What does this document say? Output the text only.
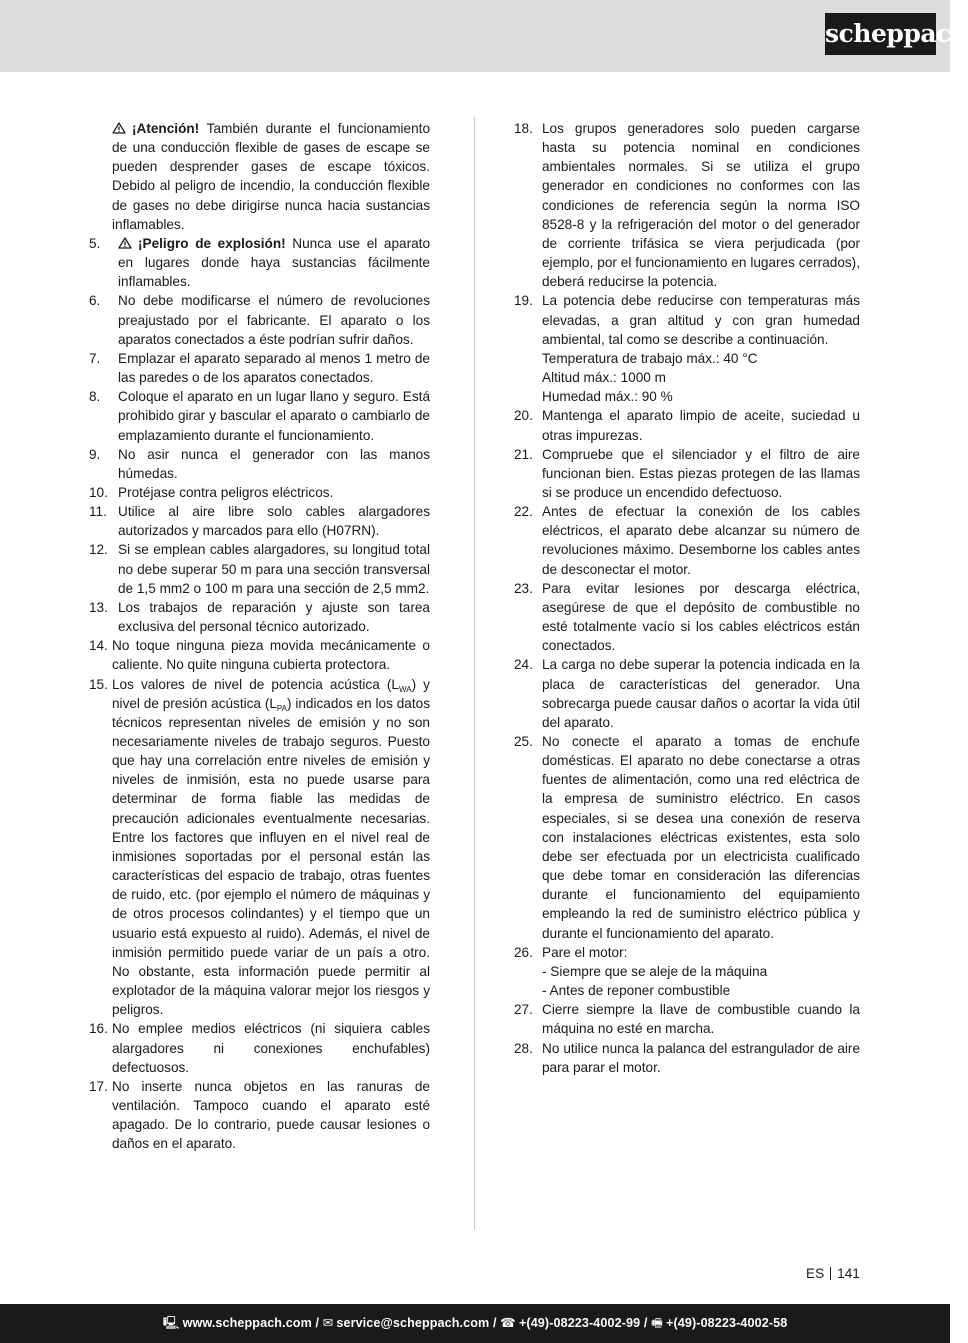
scheppach
¡Atención! También durante el funcionamiento de una conducción flexible de gases de escape se pueden desprender gases de escape tóxicos. Debido al peligro de incendio, la conducción flexible de gases no debe dirigirse nunca hacia sustancias inflamables.
5.	¡Peligro de explosión! Nunca use el aparato en lugares donde haya sustancias fácilmente inflamables.
6.	No debe modificarse el número de revoluciones preajustado por el fabricante. El aparato o los aparatos conectados a éste podrían sufrir daños.
7.	Emplazar el aparato separado al menos 1 metro de las paredes o de los aparatos conectados.
8.	Coloque el aparato en un lugar llano y seguro. Está prohibido girar y bascular el aparato o cambiarlo de emplazamiento durante el funcionamiento.
9.	No asir nunca el generador con las manos húmedas.
10. Protéjase contra peligros eléctricos.
11. Utilice al aire libre solo cables alargadores autorizados y marcados para ello (H07RN).
12. Si se emplean cables alargadores, su longitud total no debe superar 50 m para una sección transversal de 1,5 mm2 o 100 m para una sección de 2,5 mm2.
13. Los trabajos de reparación y ajuste son tarea exclusiva del personal técnico autorizado.
14. No toque ninguna pieza movida mecánicamente o caliente. No quite ninguna cubierta protectora.
15. Los valores de nivel de potencia acústica $(L_{WA})$ y nivel de presión acústica $(L_{PA})$ indicados en los datos técnicos representan niveles de emisión y no son necesariamente niveles de trabajo seguros. Puesto que hay una correlación entre niveles de emisión y niveles de inmisión, esta no puede usarse para determinar de forma fiable las medidas de precaución adicionales eventualmente necesarias. Entre los factores que influyen en el nivel real de inmisiones soportadas por el personal están las características del espacio de trabajo, otras fuentes de ruido, etc. (por ejemplo el número de máquinas y de otros procesos colindantes) y el tiempo que un usuario está expuesto al ruido). Además, el nivel de inmisión permitido puede variar de un país a otro. No obstante, esta información puede permitir al explotador de la máquina valorar mejor los riesgos y peligros.
16. No emplee medios eléctricos (ni siquiera cables alargadores ni conexiones enchufables) defectuosos.
17. No inserte nunca objetos en las ranuras de ventilación. Tampoco cuando el aparato esté apagado. De lo contrario, puede causar lesiones o daños en el aparato.
18. Los grupos generadores solo pueden cargarse hasta su potencia nominal en condiciones ambientales normales. Si se utiliza el grupo generador en condiciones no conformes con las condiciones de referencia según la norma ISO 8528-8 y la refrigeración del motor o del generador de corriente trifásica se viera perjudicada (por ejemplo, por el funcionamiento en lugares cerrados), deberá reducirse la potencia.
19. La potencia debe reducirse con temperaturas más elevadas, a gran altitud y con gran humedad ambiental, tal como se describe a continuación.
Temperatura de trabajo máx.: 40 °C
Altitud máx.: 1000 m
Humedad máx.: 90 %
20. Mantenga el aparato limpio de aceite, suciedad u otras impurezas.
21. Compruebe que el silenciador y el filtro de aire funcionan bien. Estas piezas protegen de las llamas si se produce un encendido defectuoso.
22. Antes de efectuar la conexión de los cables eléctricos, el aparato debe alcanzar su número de revoluciones máximo. Desemborne los cables antes de desconectar el motor.
23. Para evitar lesiones por descarga eléctrica, asegúrese de que el depósito de combustible no esté totalmente vacío si los cables eléctricos están conectados.
24. La carga no debe superar la potencia indicada en la placa de características del generador. Una sobrecarga puede causar daños o acortar la vida útil del aparato.
25. No conecte el aparato a tomas de enchufe domésticas. El aparato no debe conectarse a otras fuentes de alimentación, como una red eléctrica de la empresa de suministro eléctrico. En casos especiales, si se desea una conexión de reserva con instalaciones eléctricas existentes, esta solo debe ser efectuada por un electricista cualificado que debe tomar en consideración las diferencias durante el funcionamiento del equipamiento empleando la red de suministro eléctrico pública y durante el funcionamiento del aparato.
26. Pare el motor:
- Siempre que se aleje de la máquina
- Antes de reponer combustible
27. Cierre siempre la llave de combustible cuando la máquina no esté en marcha.
28. No utilice nunca la palanca del estrangulador de aire para parar el motor.
ES 141
🖳 www.scheppach.com / ✉ service@scheppach.com / ☎ +(49)-08223-4002-99 / 🖷 +(49)-08223-4002-58
